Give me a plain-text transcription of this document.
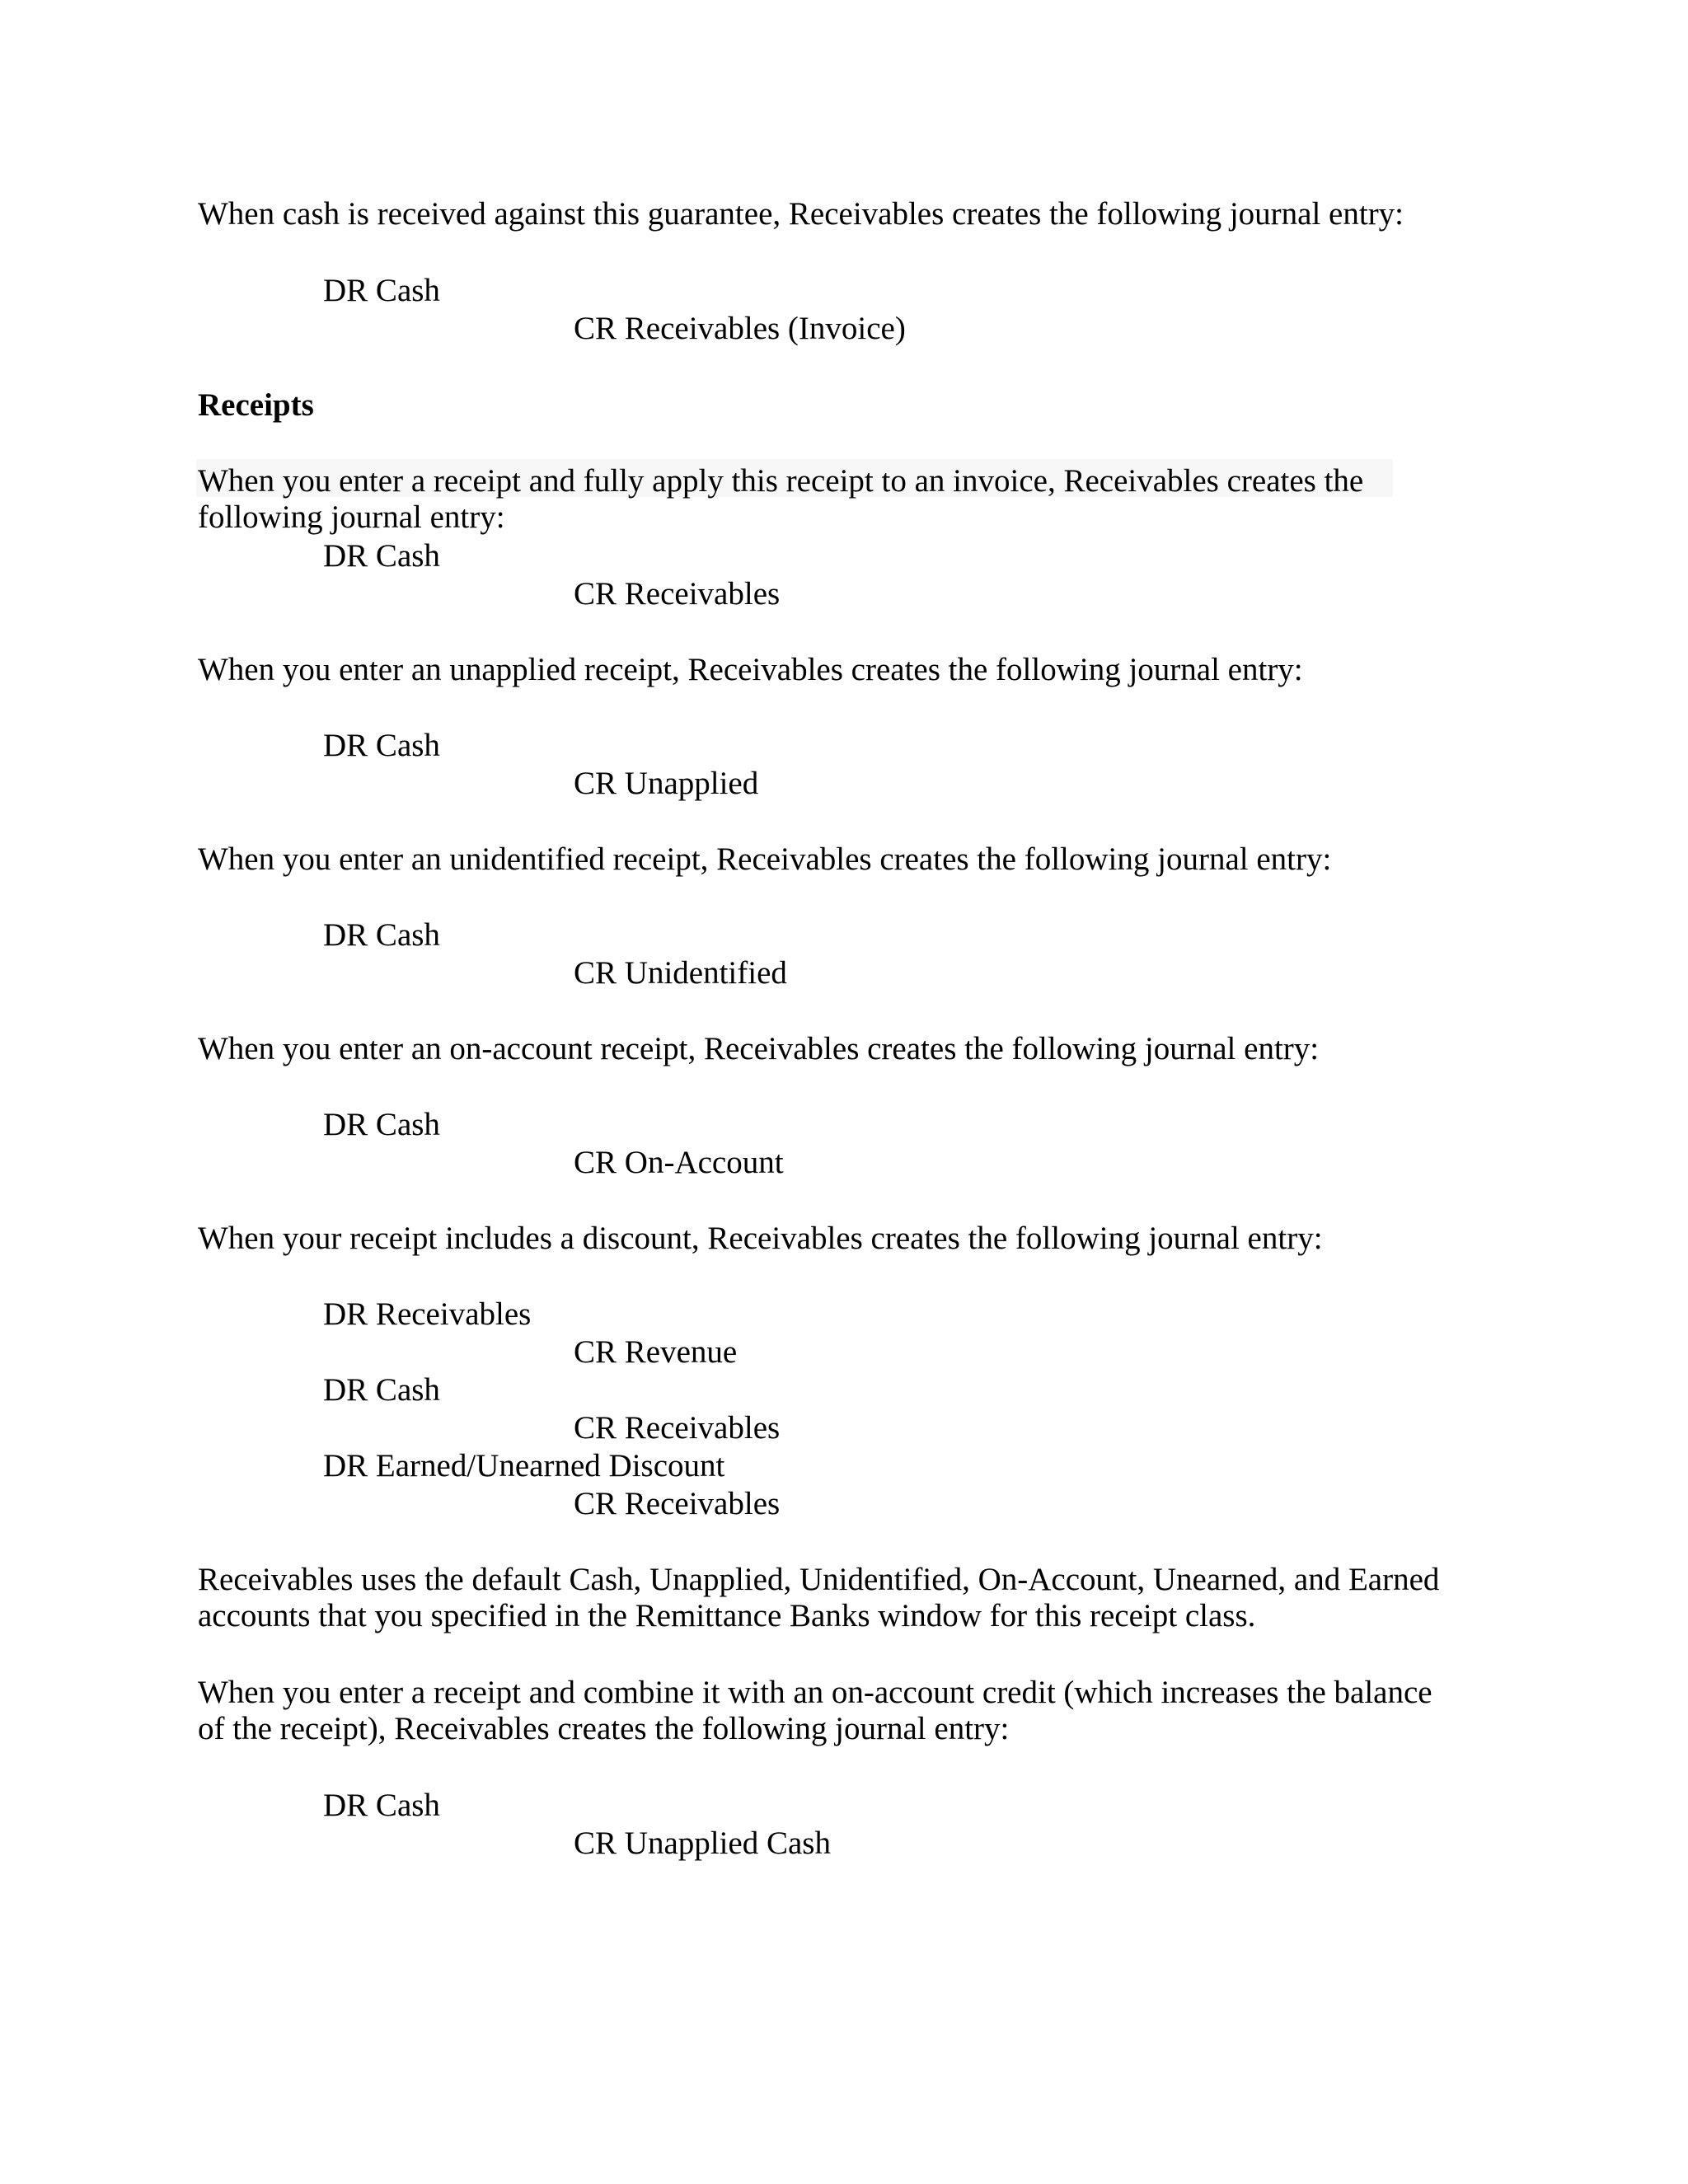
When cash is received against this guarantee, Receivables creates the following journal entry:
DR Cash
CR Receivables (Invoice)
Receipts
When you enter a receipt and fully apply this receipt to an invoice, Receivables creates the
following journal entry:
DR Cash
CR Receivables
When you enter an unapplied receipt, Receivables creates the following journal entry:
DR Cash
CR Unapplied
When you enter an unidentified receipt, Receivables creates the following journal entry:
DR Cash
CR Unidentified
When you enter an on-account receipt, Receivables creates the following journal entry:
DR Cash
CR On-Account
When your receipt includes a discount, Receivables creates the following journal entry:
DR Receivables
CR Revenue
DR Cash
CR Receivables
DR Earned/Unearned Discount
CR Receivables
Receivables uses the default Cash, Unapplied, Unidentified, On-Account, Unearned, and Earned
accounts that you specified in the Remittance Banks window for this receipt class.
When you enter a receipt and combine it with an on-account credit (which increases the balance
of the receipt), Receivables creates the following journal entry:
DR Cash
CR Unapplied Cash
